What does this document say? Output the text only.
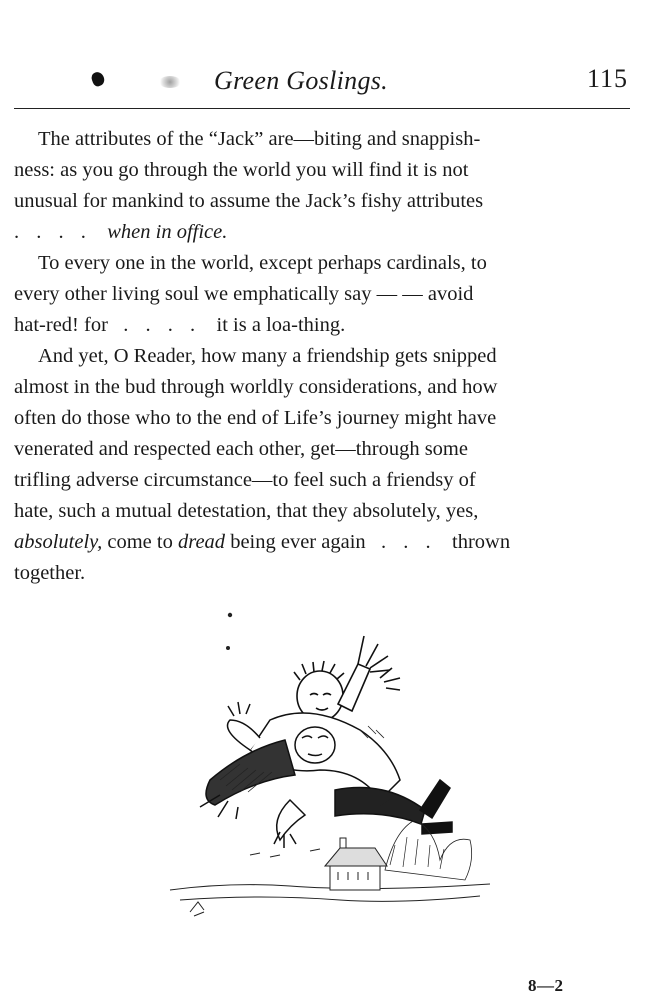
Green Goslings.	115
The attributes of the “Jack” are—biting and snappish-
ness: as you go through the world you will find it is not
unusual for mankind to assume the Jack’s fishy attributes
. . . . when in office.
To every one in the world, except perhaps cardinals, to
every other living soul we emphatically say — — avoid
hat-red! for . . . . it is a loa-thing.
And yet, O Reader, how many a friendship gets snipped
almost in the bud through worldly considerations, and how
often do those who to the end of Life’s journey might have
venerated and respected each other, get—through some
trifling adverse circumstance—to feel such a friendsy of
hate, such a mutual detestation, that they absolutely, yes,
absolutely, come to dread being ever again . . . thrown
together.
8—2
